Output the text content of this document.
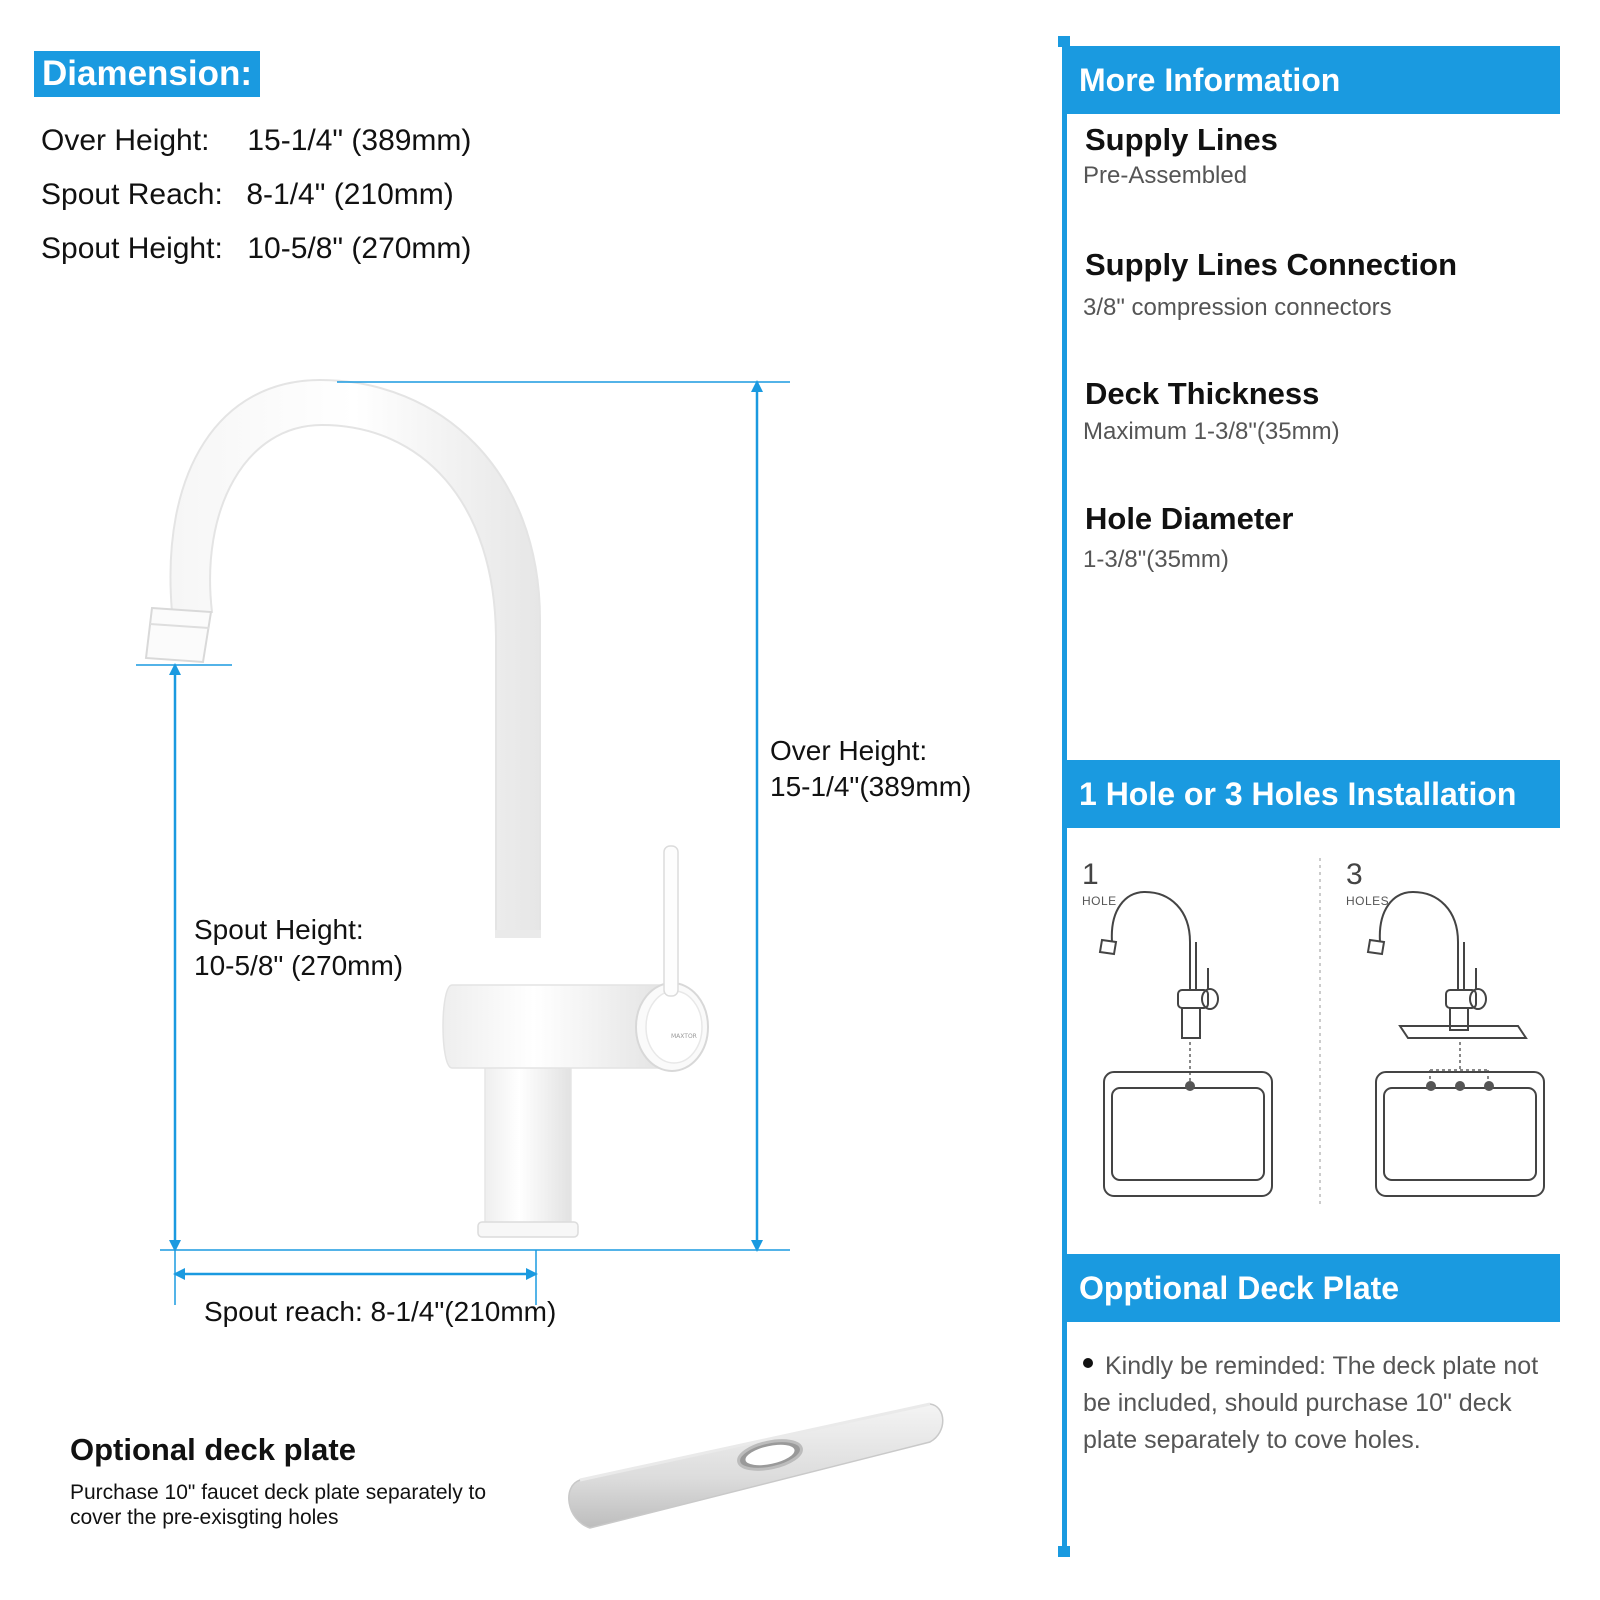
Diamension:
Over Height: 15-1/4" (389mm)
Spout Reach: 8-1/4" (210mm)
Spout Height: 10-5/8" (270mm)
MAXTOR
Over Height:
15-1/4"(389mm)
Spout Height:
10-5/8" (270mm)
Spout reach: 8-1/4"(210mm)
Optional deck plate
Purchase 10" faucet deck plate separately to cover the pre-exisgting holes
More Information
Supply Lines
Pre-Assembled
Supply Lines Connection
3/8" compression connectors
Deck Thickness
Maximum 1-3/8"(35mm)
Hole Diameter
1-3/8"(35mm)
1 Hole or 3 Holes Installation
1
HOLE
3
HOLES
Opptional Deck Plate
Kindly be reminded: The deck plate not be included, should purchase 10" deck plate separately to cove holes.
